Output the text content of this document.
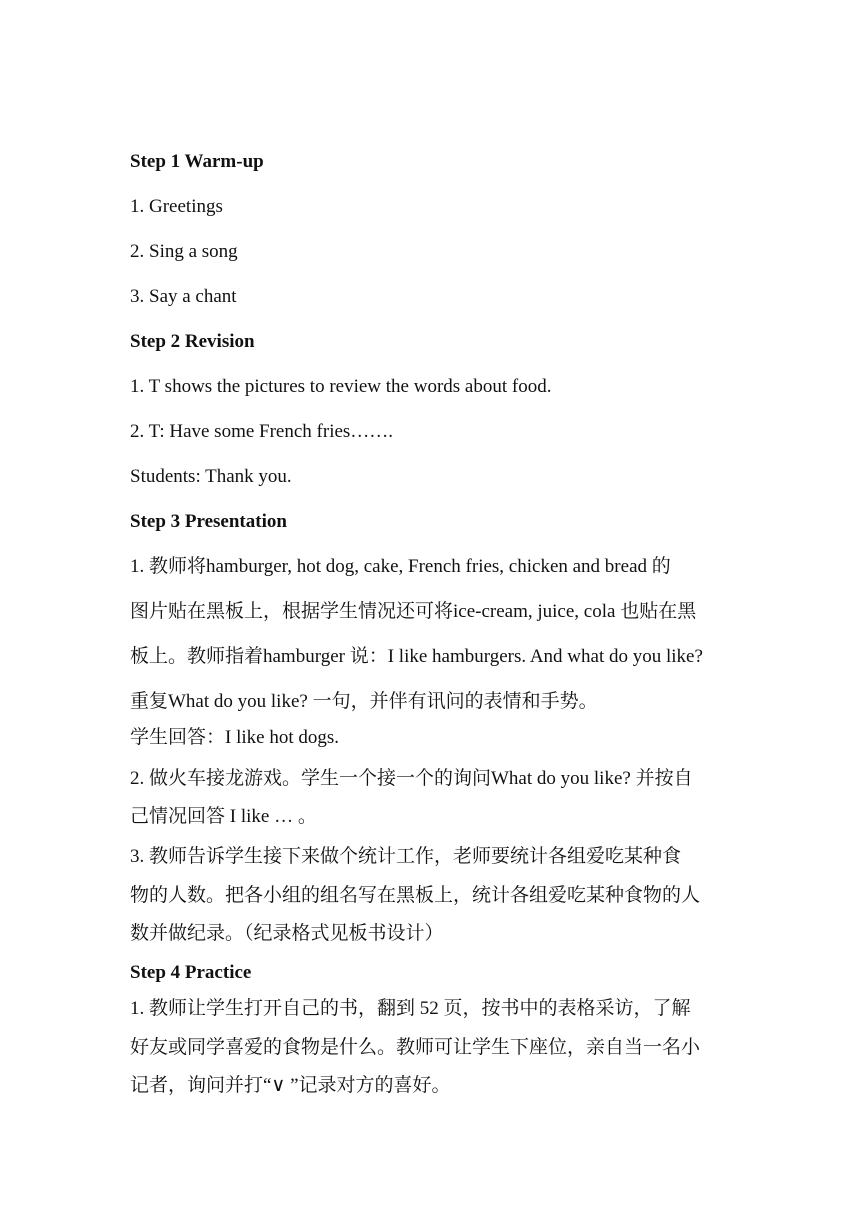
Step 1 Warm-up
1. Greetings
2. Sing a song
3. Say a chant
Step 2 Revision
1. T shows the pictures to review the words about food.
2. T: Have some French fries…….
Students: Thank you.
Step 3 Presentation
1. 教师将hamburger, hot dog, cake, French fries, chicken and bread 的
图片贴在黑板上，根据学生情况还可将ice-cream, juice, cola 也贴在黑
板上。教师指着hamburger 说：I like hamburgers. And what do you like?
重复What do you like? 一句，并伴有讯问的表情和手势。
学生回答：I like hot dogs.
2. 做火车接龙游戏。学生一个接一个的询问What do you like? 并按自
己情况回答 I like … 。
3. 教师告诉学生接下来做个统计工作，老师要统计各组爱吃某种食
物的人数。把各小组的组名写在黑板上，统计各组爱吃某种食物的人
数并做纪录。（纪录格式见板书设计）
Step 4 Practice
1. 教师让学生打开自己的书，翻到 52 页，按书中的表格采访，了解
好友或同学喜爱的食物是什么。教师可让学生下座位，亲自当一名小
记者，询问并打“∨ ”记录对方的喜好。
